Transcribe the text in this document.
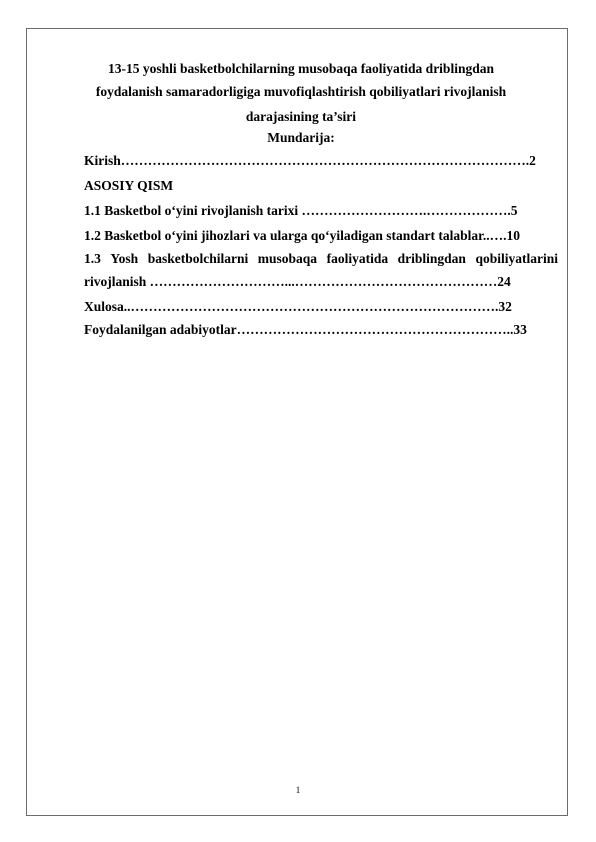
13-15 yoshli basketbolchilarning musobaqa faoliyatida driblingdan
foydalanish samaradorligiga muvofiqlashtirish qobiliyatlari rivojlanish
darajasining ta’siri
Mundarija:
Kirish……………………………………………………………………………….2
ASOSIY QISM
1.1 Basketbol o‘yini rivojlanish tarixi ……………………….……………….5
1.2 Basketbol o‘yini jihozlari va ularga qo‘yiladigan standart talablar..….10
1.3 Yosh basketbolchilarni musobaqa faoliyatida driblingdan qobiliyatlarini
rivojlanish …………………………...………………………………………24
Xulosa..……………………………………………………………………….32
Foydalanilgan adabiyotlar……………………………………………………..33
1
